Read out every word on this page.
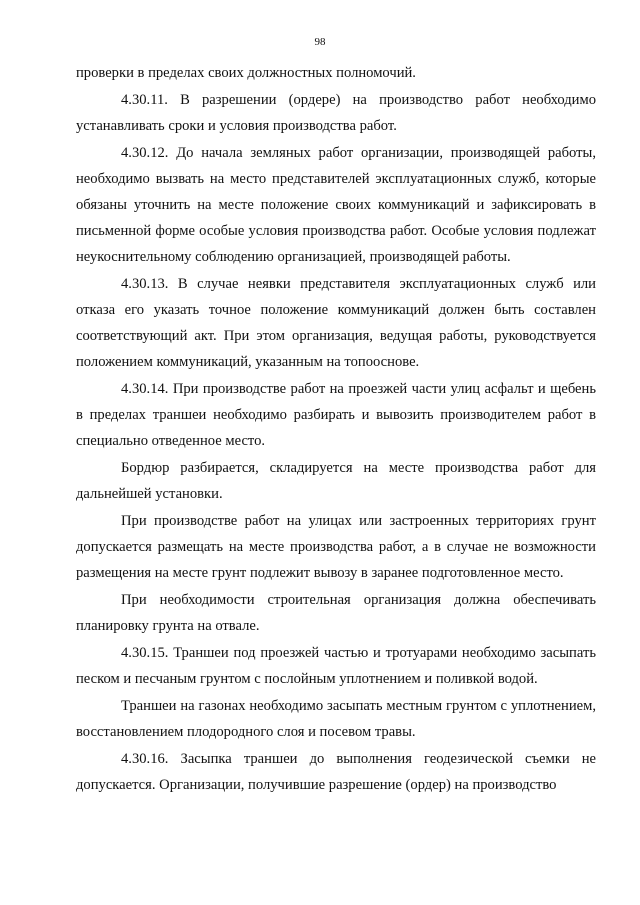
98

проверки в пределах своих должностных полномочий.

4.30.11. В разрешении (ордере) на производство работ необходимо устанавливать сроки и условия производства работ.

4.30.12. До начала земляных работ организации, производящей работы, необходимо вызвать на место представителей эксплуатационных служб, которые обязаны уточнить на месте положение своих коммуникаций и зафиксировать в письменной форме особые условия производства работ. Особые условия подлежат неукоснительному соблюдению организацией, производящей работы.

4.30.13. В случае неявки представителя эксплуатационных служб или отказа его указать точное положение коммуникаций должен быть составлен соответствующий акт. При этом организация, ведущая работы, руководствуется положением коммуникаций, указанным на топооснове.

4.30.14. При производстве работ на проезжей части улиц асфальт и щебень в пределах траншеи необходимо разбирать и вывозить производителем работ в специально отведенное место.

Бордюр разбирается, складируется на месте производства работ для дальнейшей установки.

При производстве работ на улицах или застроенных территориях грунт допускается размещать на месте производства работ, а в случае не возможности размещения на месте грунт подлежит вывозу в заранее подготовленное место.

При необходимости строительная организация должна обеспечивать планировку грунта на отвале.

4.30.15. Траншеи под проезжей частью и тротуарами необходимо засыпать песком и песчаным грунтом с послойным уплотнением и поливкой водой.

Траншеи на газонах необходимо засыпать местным грунтом с уплотнением, восстановлением плодородного слоя и посевом травы.

4.30.16. Засыпка траншеи до выполнения геодезической съемки не допускается. Организации, получившие разрешение (ордер) на производство
